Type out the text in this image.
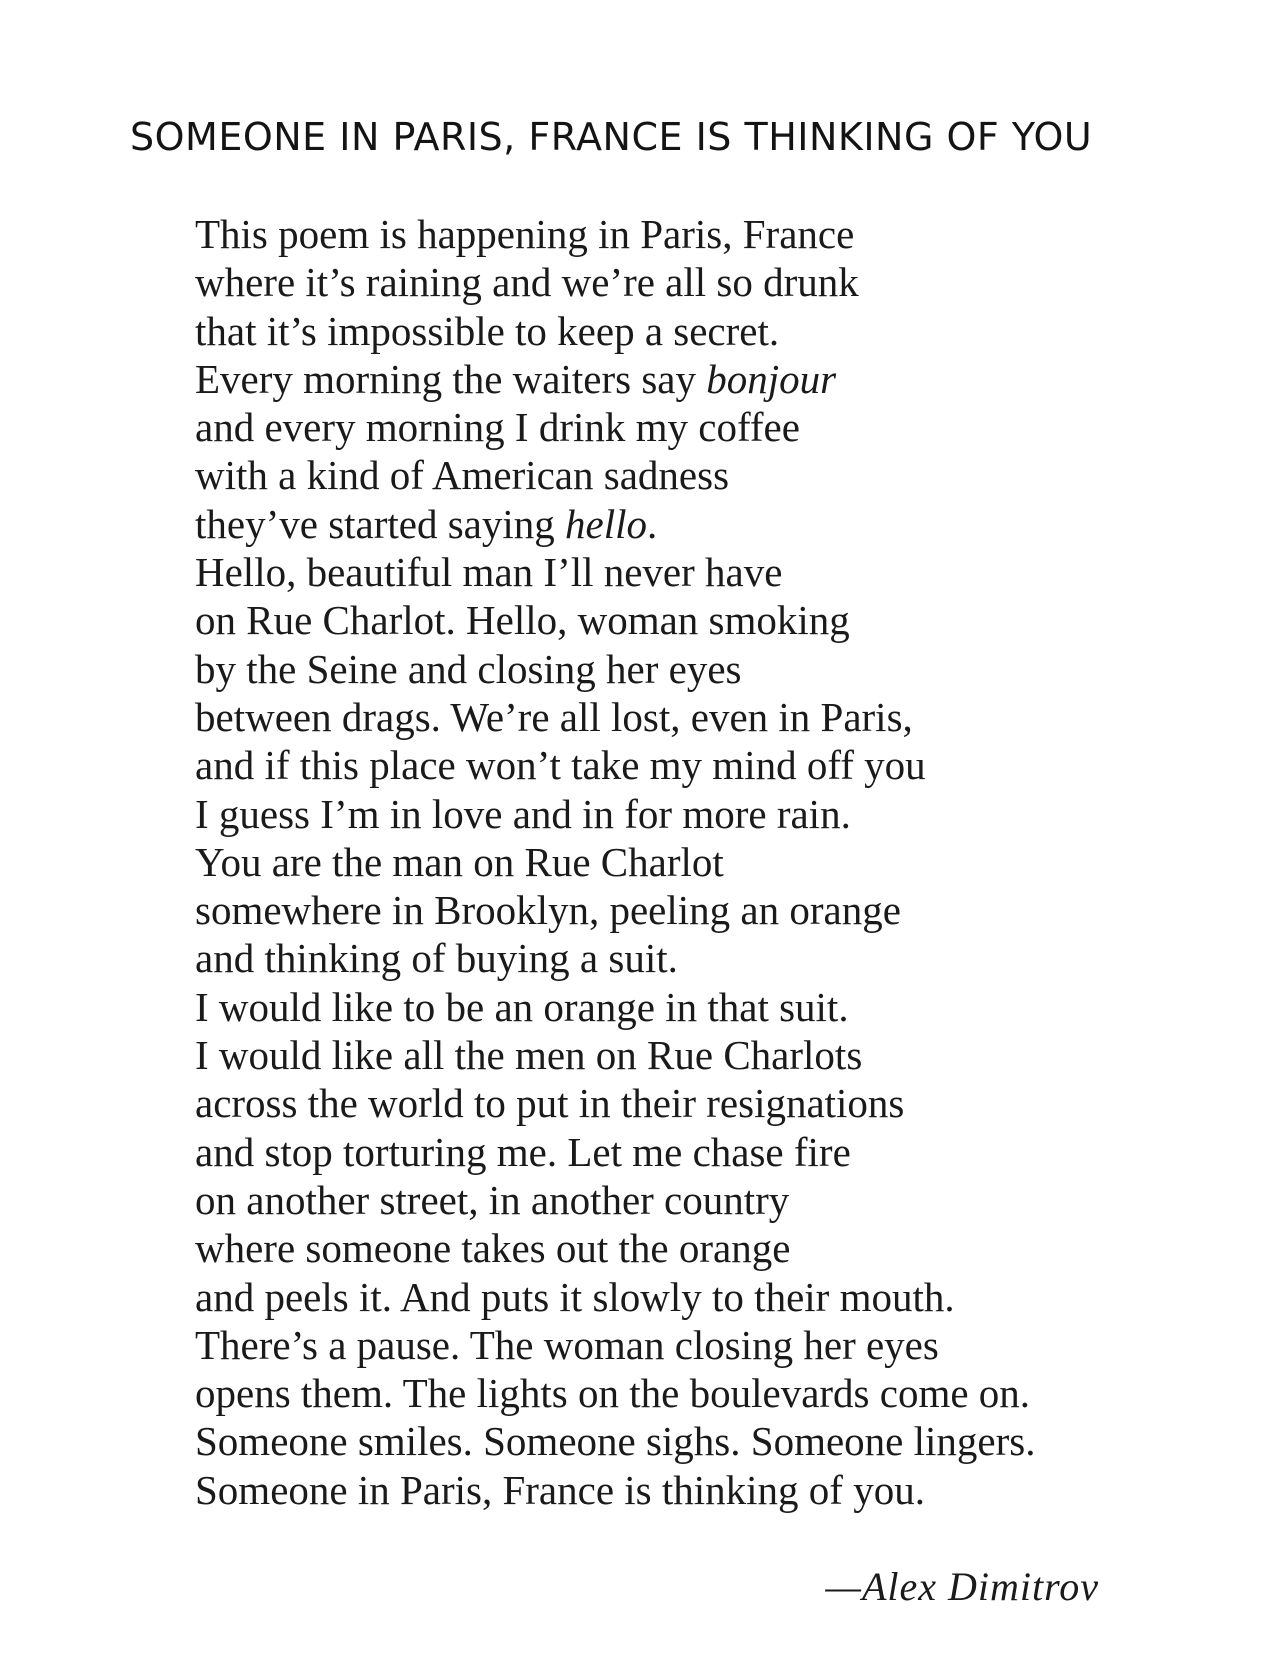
SOMEONE IN PARIS, FRANCE IS THINKING OF YOU
This poem is happening in Paris, France
where it’s raining and we’re all so drunk
that it’s impossible to keep a secret.
Every morning the waiters say bonjour
and every morning I drink my coffee
with a kind of American sadness
they’ve started saying hello.
Hello, beautiful man I’ll never have
on Rue Charlot. Hello, woman smoking
by the Seine and closing her eyes
between drags. We’re all lost, even in Paris,
and if this place won’t take my mind off you
I guess I’m in love and in for more rain.
You are the man on Rue Charlot
somewhere in Brooklyn, peeling an orange
and thinking of buying a suit.
I would like to be an orange in that suit.
I would like all the men on Rue Charlots
across the world to put in their resignations
and stop torturing me. Let me chase fire
on another street, in another country
where someone takes out the orange
and peels it. And puts it slowly to their mouth.
There’s a pause. The woman closing her eyes
opens them. The lights on the boulevards come on.
Someone smiles. Someone sighs. Someone lingers.
Someone in Paris, France is thinking of you.

—Alex Dimitrov
